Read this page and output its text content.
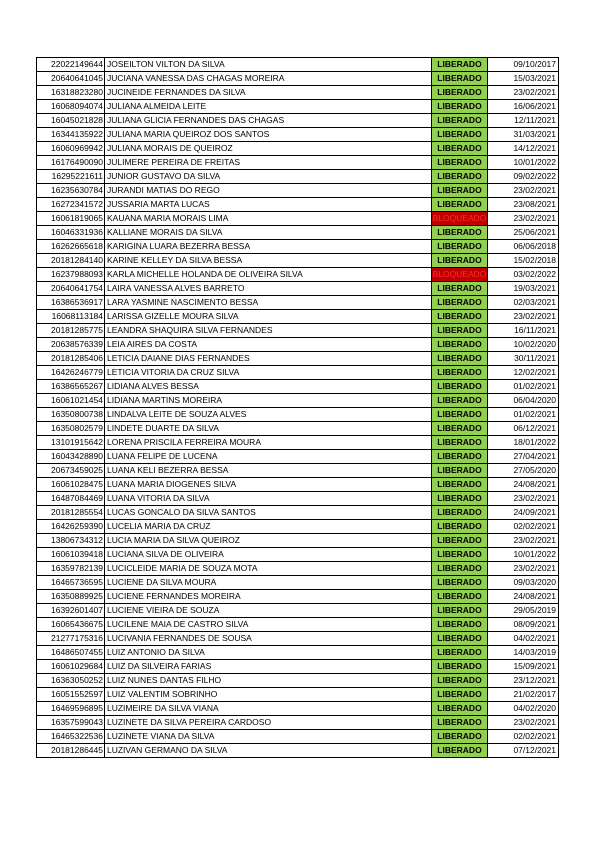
22022149644	JOSEILTON VILTON DA SILVA	LIBERADO	09/10/2017
20640641045	JUCIANA VANESSA DAS CHAGAS MOREIRA	LIBERADO	15/03/2021
16318823280	JUCINEIDE FERNANDES DA SILVA	LIBERADO	23/02/2021
16068094074	JULIANA ALMEIDA LEITE	LIBERADO	16/06/2021
16045021828	JULIANA GLICIA FERNANDES DAS CHAGAS	LIBERADO	12/11/2021
16344135922	JULIANA MARIA QUEIROZ DOS SANTOS	LIBERADO	31/03/2021
16060969942	JULIANA MORAIS DE QUEIROZ	LIBERADO	14/12/2021
16176490090	JULIMERE PEREIRA DE FREITAS	LIBERADO	10/01/2022
16295221611	JUNIOR GUSTAVO DA SILVA	LIBERADO	09/02/2022
16235630784	JURANDI MATIAS DO REGO	LIBERADO	23/02/2021
16272341572	JUSSARIA MARTA LUCAS	LIBERADO	23/08/2021
16061819065	KAUANA MARIA MORAIS LIMA	BLOQUEADO	23/02/2021
16046331936	KALLIANE MORAIS DA SILVA	LIBERADO	25/06/2021
16262665618	KARIGINA LUARA BEZERRA BESSA	LIBERADO	06/06/2018
20181284140	KARINE KELLEY DA SILVA BESSA	LIBERADO	15/02/2018
16237988093	KARLA MICHELLE HOLANDA DE OLIVEIRA SILVA	BLOQUEADO	03/02/2022
20640641754	LAIRA VANESSA ALVES BARRETO	LIBERADO	19/03/2021
16386536917	LARA YASMINE NASCIMENTO BESSA	LIBERADO	02/03/2021
16068113184	LARISSA GIZELLE MOURA SILVA	LIBERADO	23/02/2021
20181285775	LEANDRA SHAQUIRA SILVA FERNANDES	LIBERADO	16/11/2021
20638576339	LEIA AIRES DA COSTA	LIBERADO	10/02/2020
20181285406	LETICIA DAIANE DIAS FERNANDES	LIBERADO	30/11/2021
16426246779	LETICIA VITORIA DA CRUZ SILVA	LIBERADO	12/02/2021
16386565267	LIDIANA ALVES BESSA	LIBERADO	01/02/2021
16061021454	LIDIANA MARTINS MOREIRA	LIBERADO	06/04/2020
16350800738	LINDALVA LEITE DE SOUZA ALVES	LIBERADO	01/02/2021
16350802579	LINDETE DUARTE DA SILVA	LIBERADO	06/12/2021
13101915642	LORENA PRISCILA FERREIRA MOURA	LIBERADO	18/01/2022
16043428890	LUANA FELIPE DE LUCENA	LIBERADO	27/04/2021
20673459025	LUANA KELI BEZERRA BESSA	LIBERADO	27/05/2020
16061028475	LUANA MARIA DIOGENES SILVA	LIBERADO	24/08/2021
16487084469	LUANA VITORIA DA SILVA	LIBERADO	23/02/2021
20181285554	LUCAS GONCALO DA SILVA SANTOS	LIBERADO	24/09/2021
16426259390	LUCELIA MARIA DA CRUZ	LIBERADO	02/02/2021
13806734312	LUCIA MARIA DA SILVA QUEIROZ	LIBERADO	23/02/2021
16061039418	LUCIANA SILVA DE OLIVEIRA	LIBERADO	10/01/2022
16359782139	LUCICLEIDE MARIA DE SOUZA MOTA	LIBERADO	23/02/2021
16465736595	LUCIENE DA SILVA MOURA	LIBERADO	09/03/2020
16350889925	LUCIENE FERNANDES MOREIRA	LIBERADO	24/08/2021
16392601407	LUCIENE VIEIRA DE SOUZA	LIBERADO	29/05/2019
16065436675	LUCILENE MAIA DE CASTRO SILVA	LIBERADO	08/09/2021
21277175316	LUCIVANIA FERNANDES DE SOUSA	LIBERADO	04/02/2021
16486507455	LUIZ ANTONIO DA SILVA	LIBERADO	14/03/2019
16061029684	LUIZ DA SILVEIRA FARIAS	LIBERADO	15/09/2021
16363050252	LUIZ NUNES DANTAS FILHO	LIBERADO	23/12/2021
16051552597	LUIZ VALENTIM SOBRINHO	LIBERADO	21/02/2017
16469596895	LUZIMEIRE DA SILVA VIANA	LIBERADO	04/02/2020
16357599043	LUZINETE DA SILVA PEREIRA CARDOSO	LIBERADO	23/02/2021
16465322536	LUZINETE VIANA DA SILVA	LIBERADO	02/02/2021
20181286445	LUZIVAN GERMANO DA SILVA	LIBERADO	07/12/2021
